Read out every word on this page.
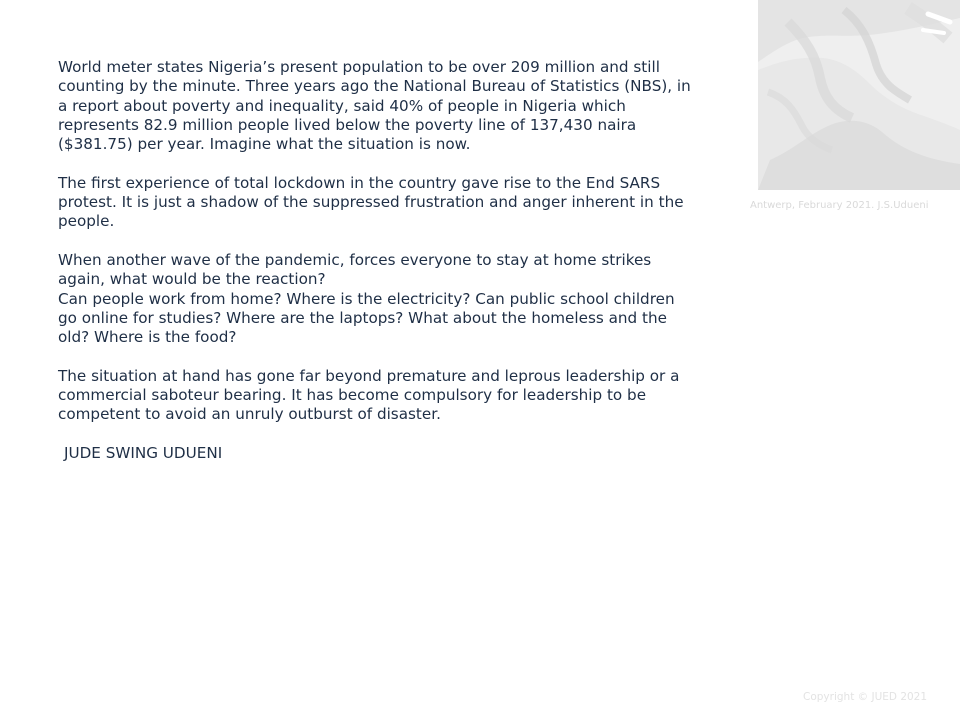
World meter states Nigeria’s present population to be over 209 million and still
counting by the minute. Three years ago the National Bureau of Statistics (NBS), in
a report about poverty and inequality, said 40% of people in Nigeria which
represents 82.9 million people lived below the poverty line of 137,430 naira
($381.75) per year. Imagine what the situation is now.

The first experience of total lockdown in the country gave rise to the End SARS
protest. It is just a shadow of the suppressed frustration and anger inherent in the
people.

When another wave of the pandemic, forces everyone to stay at home strikes
again, what would be the reaction?
Can people work from home? Where is the electricity? Can public school children
go online for studies? Where are the laptops? What about the homeless and the
old? Where is the food?

The situation at hand has gone far beyond premature and leprous leadership or a
commercial saboteur bearing. It has become compulsory for leadership to be
competent to avoid an unruly outburst of disaster.

JUDE SWING UDUENI

Antwerp, February 2021. J.S.Udueni
Copyright © JUED 2021
